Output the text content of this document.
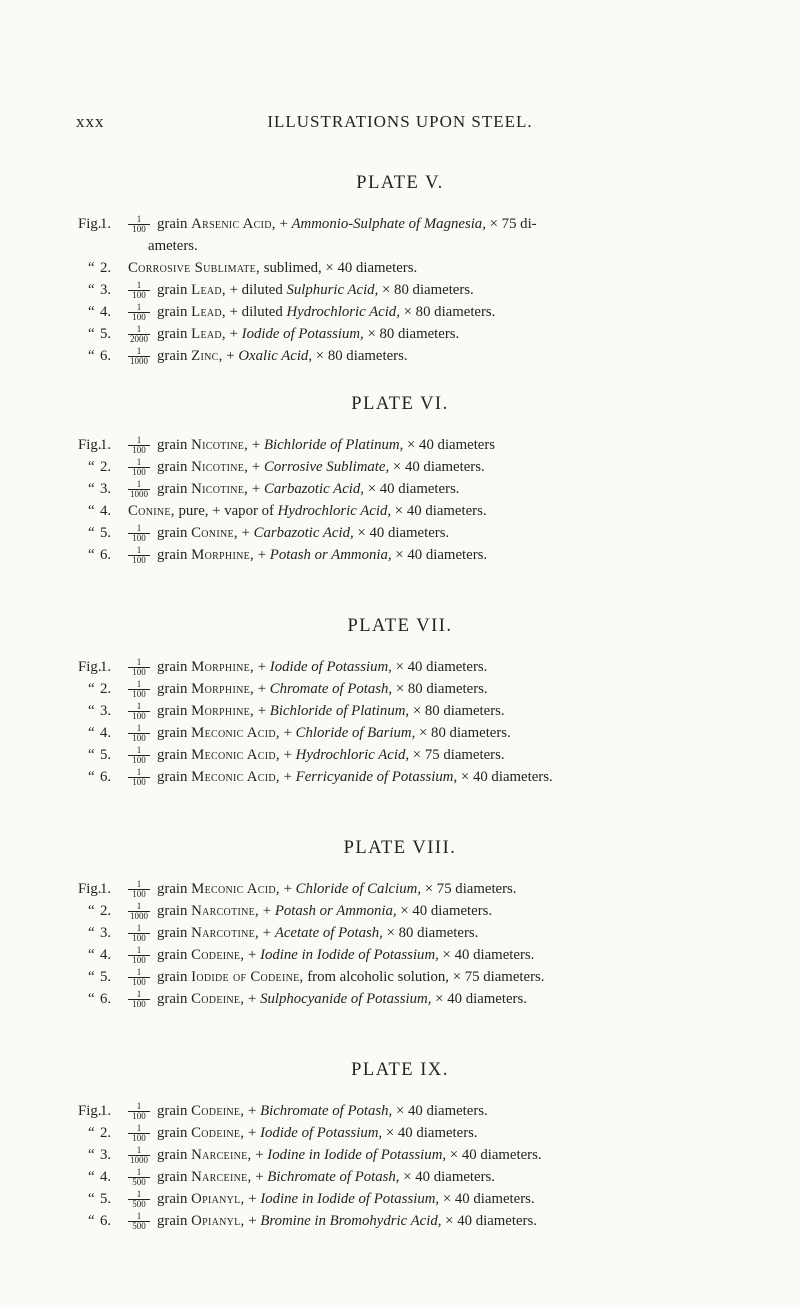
xxx	ILLUSTRATIONS UPON STEEL.
PLATE V.
Fig.
1. $\frac{1}{100}$ grain Arsenic Acid, + Ammonio-Sulphate of Magnesia, × 75 di-
ameters.
“ 2. Corrosive Sublimate, sublimed, × 40 diameters.
“ 3. $\frac{1}{100}$ grain Lead, + diluted Sulphuric Acid, × 80 diameters.
“ 4. $\frac{1}{100}$ grain Lead, + diluted Hydrochloric Acid, × 80 diameters.
“ 5. $\frac{1}{2000}$ grain Lead, + Iodide of Potassium, × 80 diameters.
“ 6. $\frac{1}{1000}$ grain Zinc, + Oxalic Acid, × 80 diameters.
PLATE VI.
Fig.
1. $\frac{1}{100}$ grain Nicotine, + Bichloride of Platinum, × 40 diameters
“ 2. $\frac{1}{100}$ grain Nicotine, + Corrosive Sublimate, × 40 diameters.
“ 3. $\frac{1}{1000}$ grain Nicotine, + Carbazotic Acid, × 40 diameters.
“ 4. Conine, pure, + vapor of Hydrochloric Acid, × 40 diameters.
“ 5. $\frac{1}{100}$ grain Conine, + Carbazotic Acid, × 40 diameters.
“ 6. $\frac{1}{100}$ grain Morphine, + Potash or Ammonia, × 40 diameters.
PLATE VII.
Fig.
1. $\frac{1}{100}$ grain Morphine, + Iodide of Potassium, × 40 diameters.
“ 2. $\frac{1}{100}$ grain Morphine, + Chromate of Potash, × 80 diameters.
“ 3. $\frac{1}{100}$ grain Morphine, + Bichloride of Platinum, × 80 diameters.
“ 4. $\frac{1}{100}$ grain Meconic Acid, + Chloride of Barium, × 80 diameters.
“ 5. $\frac{1}{100}$ grain Meconic Acid, + Hydrochloric Acid, × 75 diameters.
“ 6. $\frac{1}{100}$ grain Meconic Acid, + Ferricyanide of Potassium, × 40 diameters.
PLATE VIII.
Fig.
1. $\frac{1}{100}$ grain Meconic Acid, + Chloride of Calcium, × 75 diameters.
“ 2. $\frac{1}{1000}$ grain Narcotine, + Potash or Ammonia, × 40 diameters.
“ 3. $\frac{1}{100}$ grain Narcotine, + Acetate of Potash, × 80 diameters.
“ 4. $\frac{1}{100}$ grain Codeine, + Iodine in Iodide of Potassium, × 40 diameters.
“ 5. $\frac{1}{100}$ grain Iodide of Codeine, from alcoholic solution, × 75 diameters.
“ 6. $\frac{1}{100}$ grain Codeine, + Sulphocyanide of Potassium, × 40 diameters.
PLATE IX.
Fig.
1. $\frac{1}{100}$ grain Codeine, + Bichromate of Potash, × 40 diameters.
“ 2. $\frac{1}{100}$ grain Codeine, + Iodide of Potassium, × 40 diameters.
“ 3. $\frac{1}{1000}$ grain Narceine, + Iodine in Iodide of Potassium, × 40 diameters.
“ 4. $\frac{1}{500}$ grain Narceine, + Bichromate of Potash, × 40 diameters.
“ 5. $\frac{1}{500}$ grain Opianyl, + Iodine in Iodide of Potassium, × 40 diameters.
“ 6. $\frac{1}{500}$ grain Opianyl, + Bromine in Bromohydric Acid, × 40 diameters.
